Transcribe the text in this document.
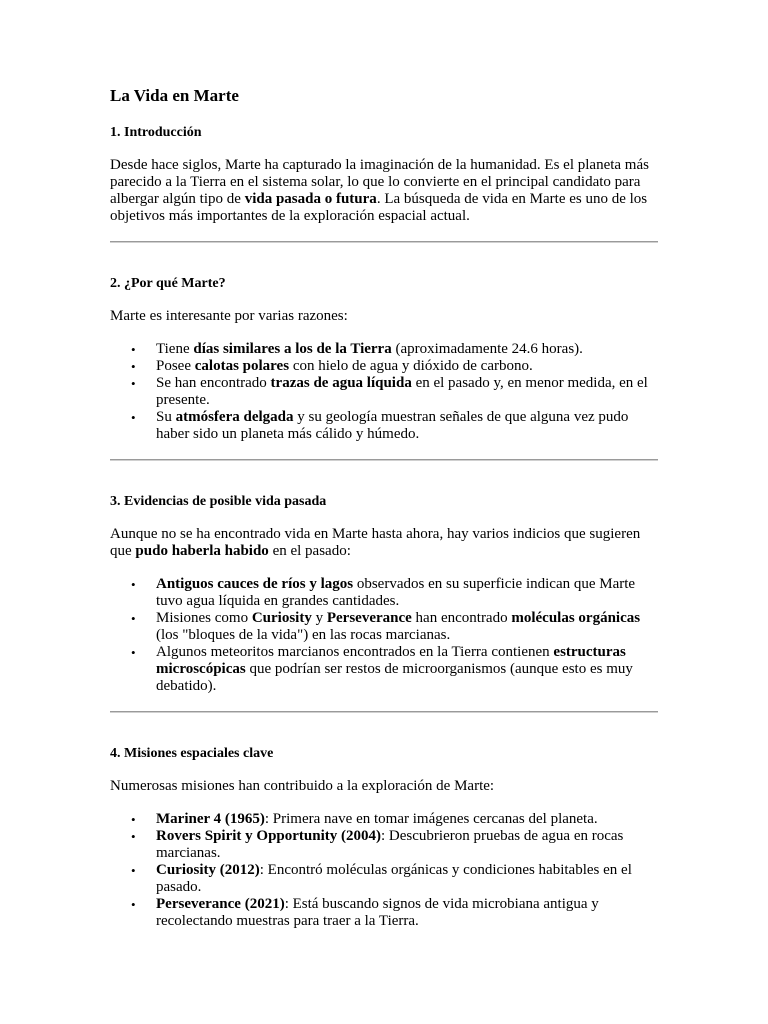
La Vida en Marte
1. Introducción

Desde hace siglos, Marte ha capturado la imaginación de la humanidad. Es el planeta más parecido a la Tierra en el sistema solar, lo que lo convierte en el principal candidato para albergar algún tipo de vida pasada o futura. La búsqueda de vida en Marte es uno de los objetivos más importantes de la exploración espacial actual.

2. ¿Por qué Marte?

Marte es interesante por varias razones:

• Tiene días similares a los de la Tierra (aproximadamente 24.6 horas).
• Posee calotas polares con hielo de agua y dióxido de carbono.
• Se han encontrado trazas de agua líquida en el pasado y, en menor medida, en el presente.
• Su atmósfera delgada y su geología muestran señales de que alguna vez pudo haber sido un planeta más cálido y húmedo.
3. Evidencias de posible vida pasada

Aunque no se ha encontrado vida en Marte hasta ahora, hay varios indicios que sugieren que pudo haberla habido en el pasado:

• Antiguos cauces de ríos y lagos observados en su superficie indican que Marte tuvo agua líquida en grandes cantidades.
• Misiones como Curiosity y Perseverance han encontrado moléculas orgánicas (los "bloques de la vida") en las rocas marcianas.
• Algunos meteoritos marcianos encontrados en la Tierra contienen estructuras microscópicas que podrían ser restos de microorganismos (aunque esto es muy debatido).
4. Misiones espaciales clave

Numerosas misiones han contribuido a la exploración de Marte:

• Mariner 4 (1965): Primera nave en tomar imágenes cercanas del planeta.
• Rovers Spirit y Opportunity (2004): Descubrieron pruebas de agua en rocas marcianas.
• Curiosity (2012): Encontró moléculas orgánicas y condiciones habitables en el pasado.
• Perseverance (2021): Está buscando signos de vida microbiana antigua y recolectando muestras para traer a la Tierra.
